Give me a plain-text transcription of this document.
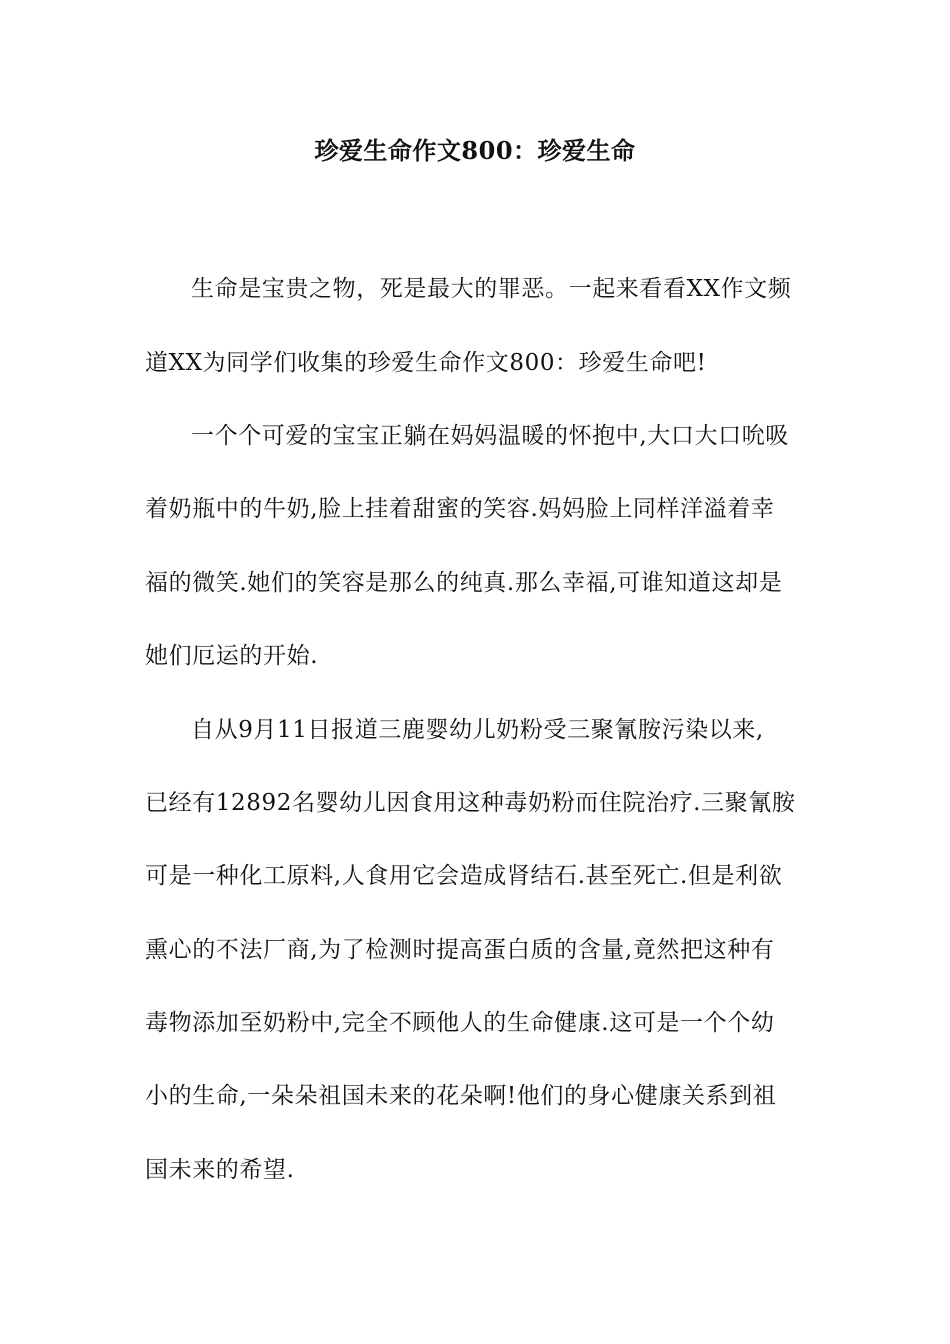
珍爱生命作文800：珍爱生命
生命是宝贵之物，死是最大的罪恶。一起来看看XX作文频
道XX为同学们收集的珍爱生命作文800：珍爱生命吧!
一个个可爱的宝宝正躺在妈妈温暖的怀抱中,大口大口吮吸
着奶瓶中的牛奶,脸上挂着甜蜜的笑容.妈妈脸上同样洋溢着幸
福的微笑.她们的笑容是那么的纯真.那么幸福,可谁知道这却是
她们厄运的开始.
自从9月11日报道三鹿婴幼儿奶粉受三聚氰胺污染以来,
已经有12892名婴幼儿因食用这种毒奶粉而住院治疗.三聚氰胺
可是一种化工原料,人食用它会造成肾结石.甚至死亡.但是利欲
熏心的不法厂商,为了检测时提高蛋白质的含量,竟然把这种有
毒物添加至奶粉中,完全不顾他人的生命健康.这可是一个个幼
小的生命,一朵朵祖国未来的花朵啊!他们的身心健康关系到祖
国未来的希望.
